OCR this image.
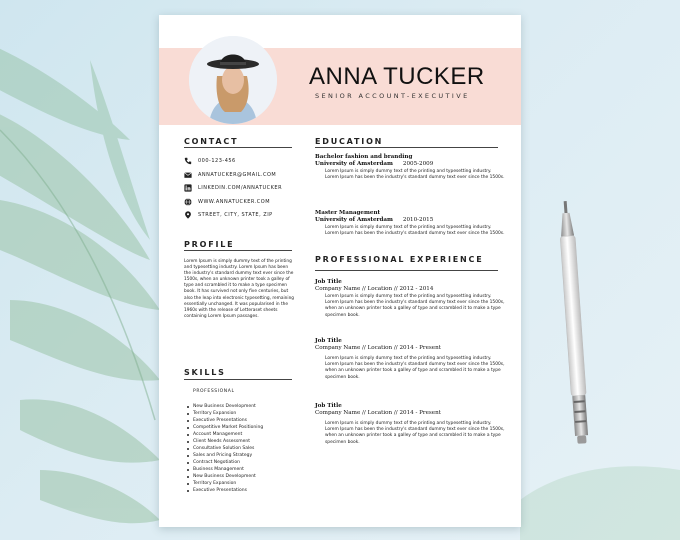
ANNA TUCKER
SENIOR ACCOUNT-EXECUTIVE
CONTACT
000-123-456
ANNATUCKER@GMAIL.COM
LINKEDIN.COM/ANNATUCKER
WWW.ANNATUCKER.COM
STREET, CITY, STATE, ZIP
PROFILE
Lorem Ipsum is simply dummy text of the printing and typesetting industry. Lorem Ipsum has been the industry's standard dummy text ever since the 1500s, when an unknown printer took a galley of type and scrambled it to make a type specimen book. It has survived not only five centuries, but also the leap into electronic typesetting, remaining essentially unchanged. It was popularised in the 1960s with the release of Letteraset sheets containing Lorem Ipsum passages.
SKILLS
PROFESSIONAL
New Business Development
Territory Expansion
Executive Presentations
Competitive Market Positioning
Account Management
Client Needs Assessment
Consultative Solution Sales
Sales and Pricing Strategy
Contract Negotiation
Business Management
New Business Development
Territory Expansion
Executive Presentations
EDUCATION
Bachelor fashion and branding
University of Amsterdam 2005-2009
Lorem Ipsum is simply dummy text of the printing and typesetting industry. Lorem Ipsum has been the industry's standard dummy text ever since the 1500s.
Master Management
University of Amsterdam 2010-2015
Lorem Ipsum is simply dummy text of the printing and typesetting industry. Lorem Ipsum has been the industry's standard dummy text ever since the 1500s.
PROFESSIONAL EXPERIENCE
Job Title
Company Name // Location // 2012 - 2014
Lorem Ipsum is simply dummy text of the printing and typesetting industry. Lorem Ipsum has been the industry's standard dummy text ever since the 1500s, when an unknown printer took a galley of type and scrambled it to make a type specimen book.
Job Title
Company Name // Location // 2014 - Present
Lorem Ipsum is simply dummy text of the printing and typesetting industry. Lorem Ipsum has been the industry's standard dummy text ever since the 1500s, when an unknown printer took a galley of type and scrambled it to make a type specimen book.
Job Title
Company Name // Location // 2014 - Present
Lorem Ipsum is simply dummy text of the printing and typesetting industry. Lorem Ipsum has been the industry's standard dummy text ever since the 1500s, when an unknown printer took a galley of type and scrambled it to make a type specimen book.
